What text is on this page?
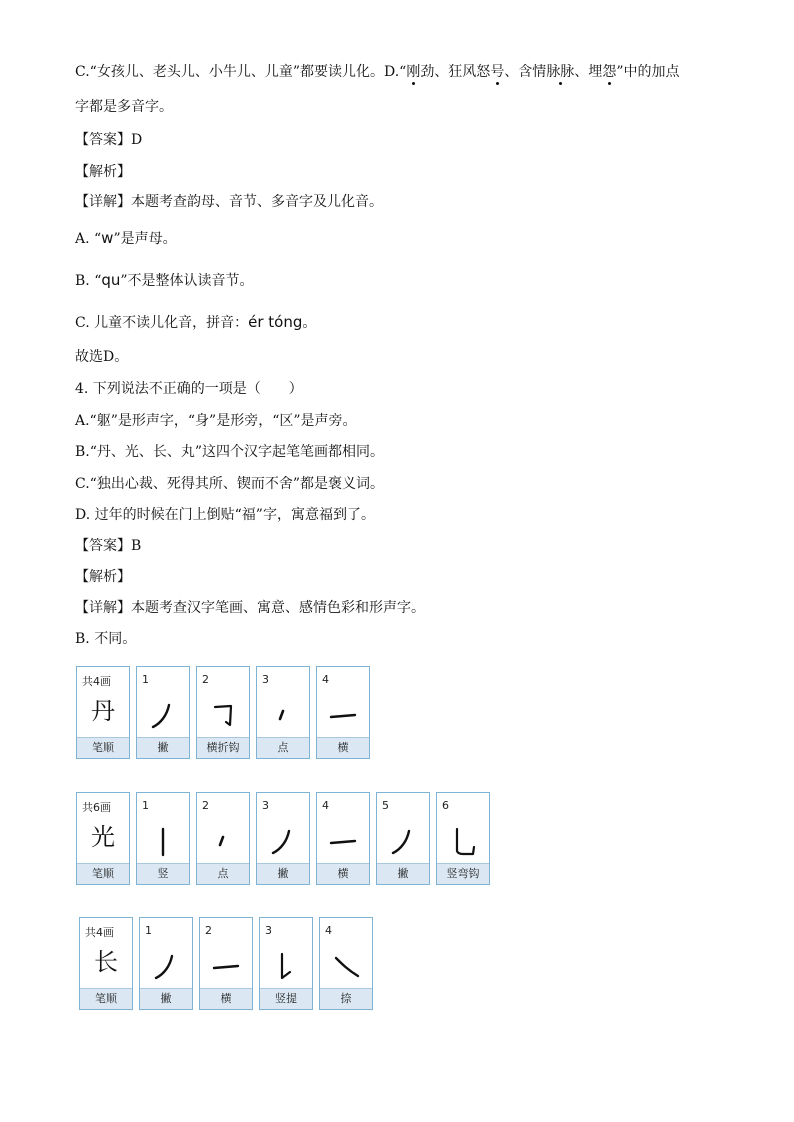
C.“女孩儿、老头儿、小牛儿、儿童”都要读儿化。D.“刚劲、狂风怒号、含情脉脉、埋怨”中的加点
字都是多音字。
【答案】D
【解析】
【详解】本题考查韵母、音节、多音字及儿化音。
A. “w”是声母。
B. “qu”不是整体认读音节。
C. 儿童不读儿化音，拼音：ér tóng。
故选D。
4. 下列说法不正确的一项是（　　）
A.“躯”是形声字，“身”是形旁，“区”是声旁。
B.“丹、光、长、丸”这四个汉字起笔笔画都相同。
C.“独出心裁、死得其所、锲而不舍”都是褒义词。
D. 过年的时候在门上倒贴“福”字，寓意福到了。
【答案】B
【解析】
【详解】本题考查汉字笔画、寓意、感情色彩和形声字。
B. 不同。
共4画
丹
笔顺
1
撇
2
横折钩
3
点
4
横
共6画
光
笔顺
1
竖
2
点
3
撇
4
横
5
撇
6
竖弯钩
共4画
长
笔顺
1
撇
2
横
3
竖提
4
捺
